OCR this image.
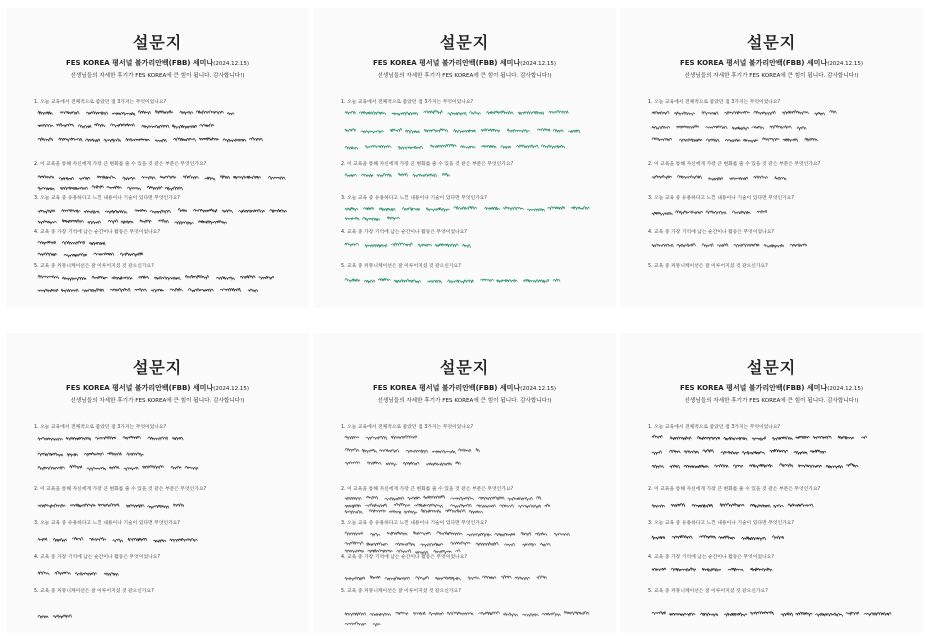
설문지
FES KOREA 평서널 불가리안백(FBB) 세미나(2024.12.15)
선생님들의 자세한 후기가 FES KOREA에 큰 힘이 됩니다. 감사합니다!)
1. 오늘 교육에서 전체적으로 좋았던 점 3가지는 무엇이었나요?
2. 이 교육을 통해 자신에게 가장 큰 변화를 줄 수 있을 것 같은 부분은 무엇인가요?
3. 오늘 교육 중 유용하다고 느낀 내용이나 기술이 있다면 무엇인가요?
4. 교육 중 가장 기억에 남는 순간이나 활동은 무엇이었나요?
5. 교육 중 커뮤니케이션은 잘 이루어지셨 것 같으신가요?
설문지
FES KOREA 평서널 불가리안백(FBB) 세미나(2024.12.15)
선생님들의 자세한 후기가 FES KOREA에 큰 힘이 됩니다. 감사합니다!)
1. 오늘 교육에서 전체적으로 좋았던 점 3가지는 무엇이었나요?
2. 이 교육을 통해 자신에게 가장 큰 변화를 줄 수 있을 것 같은 부분은 무엇인가요?
3. 오늘 교육 중 유용하다고 느낀 내용이나 기술이 있다면 무엇인가요?
4. 교육 중 가장 기억에 남는 순간이나 활동은 무엇이었나요?
5. 교육 중 커뮤니케이션은 잘 이루어지셨 것 같으신가요?
설문지
FES KOREA 평서널 불가리안백(FBB) 세미나(2024.12.15)
선생님들의 자세한 후기가 FES KOREA에 큰 힘이 됩니다. 감사합니다!)
1. 오늘 교육에서 전체적으로 좋았던 점 3가지는 무엇이었나요?
2. 이 교육을 통해 자신에게 가장 큰 변화를 줄 수 있을 것 같은 부분은 무엇인가요?
3. 오늘 교육 중 유용하다고 느낀 내용이나 기술이 있다면 무엇인가요?
4. 교육 중 가장 기억에 남는 순간이나 활동은 무엇이었나요?
5. 교육 중 커뮤니케이션은 잘 이루어지셨 것 같으신가요?
설문지
FES KOREA 평서널 불가리안백(FBB) 세미나(2024.12.15)
선생님들의 자세한 후기가 FES KOREA에 큰 힘이 됩니다. 감사합니다!)
1. 오늘 교육에서 전체적으로 좋았던 점 3가지는 무엇이었나요?
2. 이 교육을 통해 자신에게 가장 큰 변화를 줄 수 있을 것 같은 부분은 무엇인가요?
3. 오늘 교육 중 유용하다고 느낀 내용이나 기술이 있다면 무엇인가요?
4. 교육 중 가장 기억에 남는 순간이나 활동은 무엇이었나요?
5. 교육 중 커뮤니케이션은 잘 이루어지셨 것 같으신가요?
설문지
FES KOREA 평서널 불가리안백(FBB) 세미나(2024.12.15)
선생님들의 자세한 후기가 FES KOREA에 큰 힘이 됩니다. 감사합니다!)
1. 오늘 교육에서 전체적으로 좋았던 점 3가지는 무엇이었나요?
2. 이 교육을 통해 자신에게 가장 큰 변화를 줄 수 있을 것 같은 부분은 무엇인가요?
3. 오늘 교육 중 유용하다고 느낀 내용이나 기술이 있다면 무엇인가요?
4. 교육 중 가장 기억에 남는 순간이나 활동은 무엇이었나요?
5. 교육 중 커뮤니케이션은 잘 이루어지셨 것 같으신가요?
설문지
FES KOREA 평서널 불가리안백(FBB) 세미나(2024.12.15)
선생님들의 자세한 후기가 FES KOREA에 큰 힘이 됩니다. 감사합니다!)
1. 오늘 교육에서 전체적으로 좋았던 점 3가지는 무엇이었나요?
2. 이 교육을 통해 자신에게 가장 큰 변화를 줄 수 있을 것 같은 부분은 무엇인가요?
3. 오늘 교육 중 유용하다고 느낀 내용이나 기술이 있다면 무엇인가요?
4. 교육 중 가장 기억에 남는 순간이나 활동은 무엇이었나요?
5. 교육 중 커뮤니케이션은 잘 이루어지셨 것 같으신가요?
